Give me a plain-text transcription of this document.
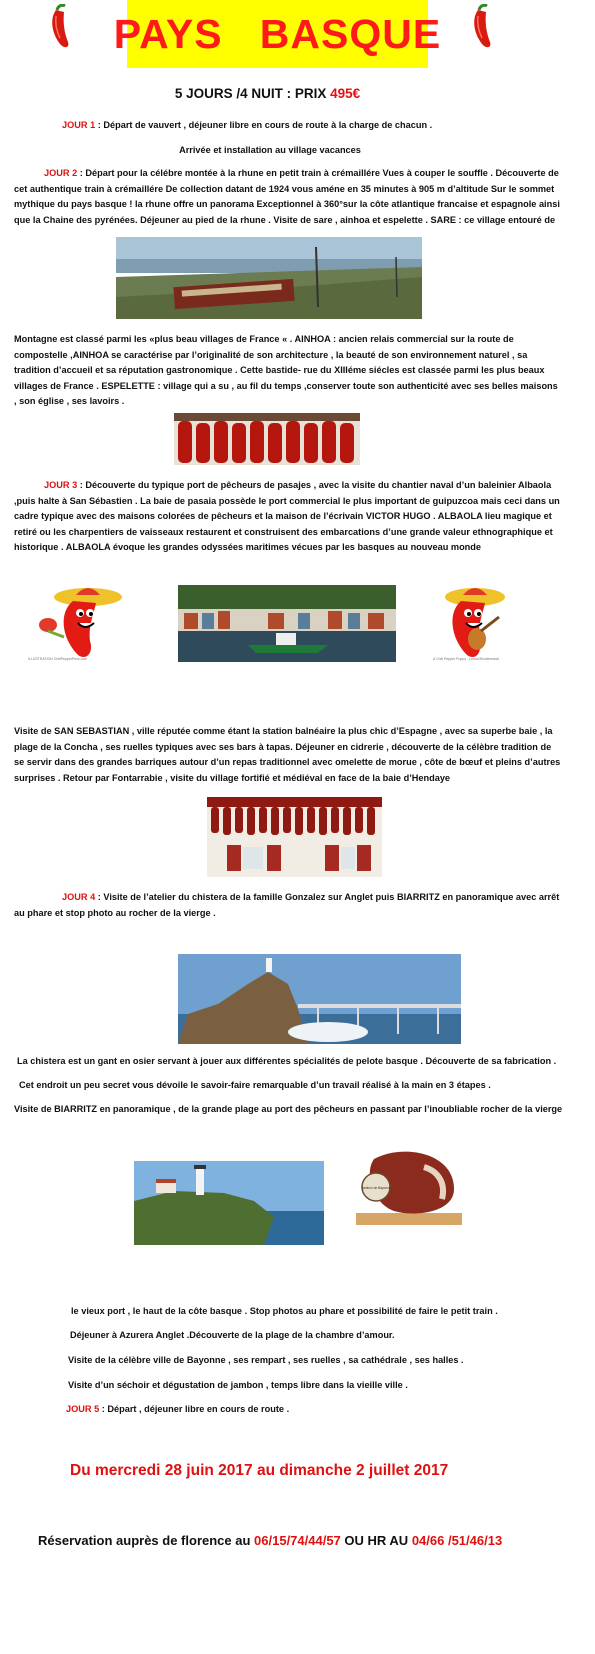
PAYS   BASQUE
5 JOURS /4 NUIT : PRIX 495€

JOUR 1 : Départ de vauvert , déjeuner libre en cours de route à la charge de chacun .

Arrivée et installation au village vacances

JOUR 2 : Départ pour la célébre montée à la rhune en petit train à crémaillére Vues à couper le souffle . Découverte de cet authentique train à crémaillére De collection datant de 1924 vous améne en 35 minutes à 905 m d’altitude Sur le sommet mythique du pays basque ! la rhune offre un panorama Exceptionnel à 360°sur la côte atlantique francaise et espagnole ainsi que la Chaine des pyrénées. Déjeuner au pied de la rhune . Visite de sare , ainhoa et espelette . SARE : ce village entouré de

Montagne est classé parmi les «plus beau villages de France « . AINHOA : ancien relais commercial sur la route de compostelle ,AINHOA se caractérise par l’originalité de son architecture , la beauté de son environnement naturel , sa tradition d’accueil et sa réputation gastronomique . Cette bastide- rue du XIIIéme siécles est classée parmi les plus beaux villages de France . ESPELETTE : village qui a su , au fil du temps ,conserver toute son authenticité avec ses belles maisons , son église , ses lavoirs .

JOUR 3 : Découverte du typique port de pêcheurs de pasajes , avec la visite du chantier naval d’un baleinier Albaola ,puis halte à San Sébastien . La baie de pasaia possède le port commercial le plus important de guipuzcoa mais ceci dans un cadre typique avec des maisons colorées de pêcheurs et la maison de l’écrivain VICTOR HUGO . ALBAOLA lieu magique et retiré ou les charpentiers de vaisseaux restaurent et construisent des embarcations d’une grande valeur ethnographique et historique . ALBAOLA évoque les grandes odyssées maritimes vécues par les basques au nouveau monde

ILLUSTRATION ChiliPepperPeck.com	A Chili Pepper Puppy - Lenca/Shutterstock

Visite de SAN SEBASTIAN , ville réputée comme étant la station balnéaire la plus chic d’Espagne , avec sa superbe baie , la plage de la Concha , ses ruelles typiques avec ses bars à tapas. Déjeuner en cidrerie , découverte de la célèbre tradition de se servir dans des grandes barriques autour d’un repas traditionnel avec omelette de morue , côte de bœuf et pleins d’autres surprises . Retour par Fontarrabie , visite du village fortifié et médiéval en face de la baie d’Hendaye

JOUR 4 : Visite de l’atelier du chistera de la famille Gonzalez sur Anglet puis BIARRITZ en panoramique avec arrêt au phare et stop photo au rocher de la vierge .

La chistera est un gant en osier servant à jouer aux différentes spécialités de pelote basque . Découverte de sa fabrication .

Cet endroit un peu secret vous dévoile le savoir-faire remarquable d’un travail réalisé à la main en 3 étapes .

Visite de BIARRITZ en panoramique , de la grande plage au port des pêcheurs en passant par l’inoubliable rocher de la vierge

Jambon de Bayonne

le vieux port , le haut de la côte basque . Stop photos au phare et possibilité de faire le petit train .

Déjeuner à Azurera Anglet .Découverte de la plage de la chambre d’amour.

Visite de la célèbre ville de Bayonne , ses rempart , ses ruelles , sa cathédrale , ses halles .

Visite d’un séchoir et dégustation de jambon , temps libre dans la vieille ville .

JOUR 5 : Départ , déjeuner libre en cours de route .

Du mercredi 28 juin 2017 au dimanche 2 juillet 2017
Réservation auprès de florence au 06/15/74/44/57 OU HR AU 04/66 /51/46/13
